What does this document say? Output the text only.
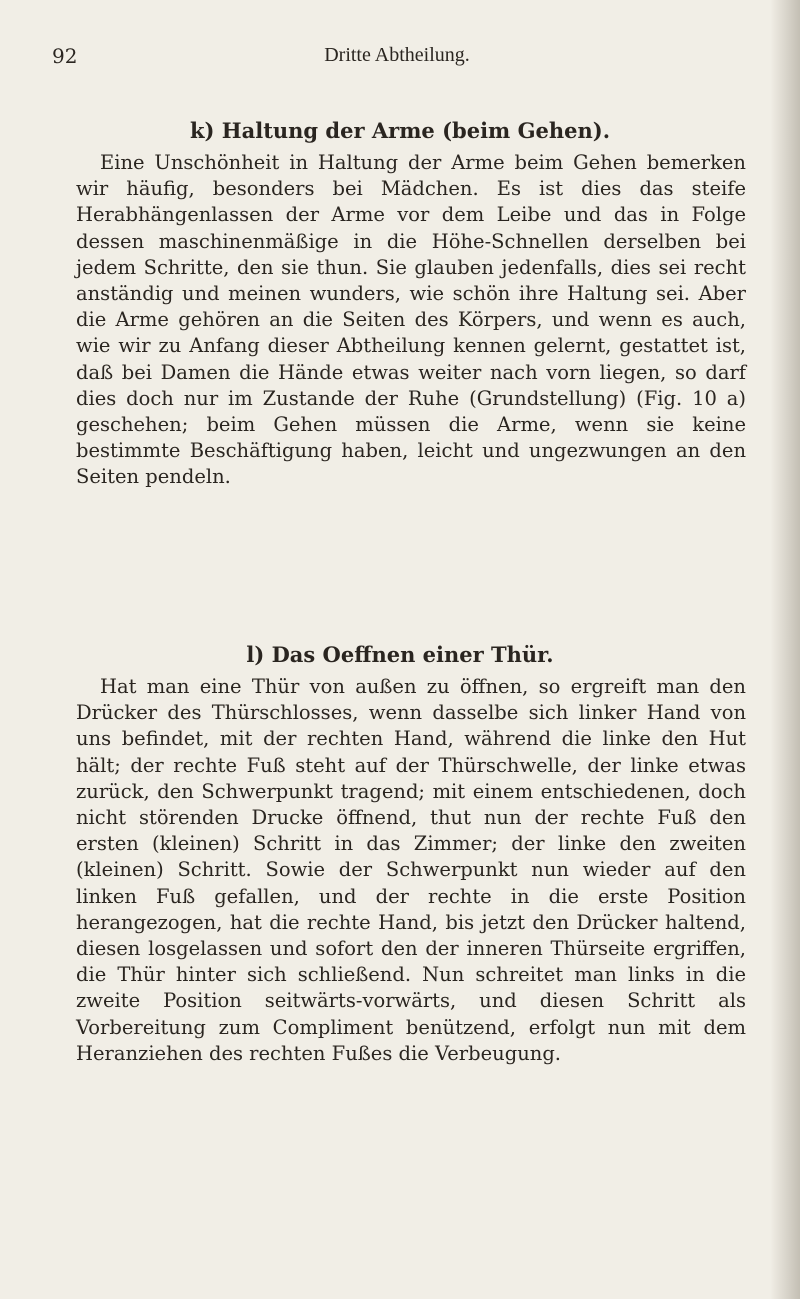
92	Dritte Abtheilung.
k) Haltung der Arme (beim Gehen).

Eine Unschönheit in Haltung der Arme beim Gehen bemerken wir häufig, besonders bei Mädchen. Es ist dies das steife Herabhängenlassen der Arme vor dem Leibe und das in Folge dessen maschinenmäßige in die Höhe-Schnellen derselben bei jedem Schritte, den sie thun. Sie glauben jedenfalls, dies sei recht anständig und meinen wunders, wie schön ihre Haltung sei. Aber die Arme gehören an die Seiten des Körpers, und wenn es auch, wie wir zu Anfang dieser Abtheilung kennen gelernt, gestattet ist, daß bei Damen die Hände etwas weiter nach vorn liegen, so darf dies doch nur im Zustande der Ruhe (Grundstellung) (Fig. 10 a) geschehen; beim Gehen müssen die Arme, wenn sie keine bestimmte Beschäftigung haben, leicht und ungezwungen an den Seiten pendeln.

l) Das Oeffnen einer Thür.

Hat man eine Thür von außen zu öffnen, so ergreift man den Drücker des Thürschlosses, wenn dasselbe sich linker Hand von uns befindet, mit der rechten Hand, während die linke den Hut hält; der rechte Fuß steht auf der Thürschwelle, der linke etwas zurück, den Schwerpunkt tragend; mit einem entschiedenen, doch nicht störenden Drucke öffnend, thut nun der rechte Fuß den ersten (kleinen) Schritt in das Zimmer; der linke den zweiten (kleinen) Schritt. Sowie der Schwerpunkt nun wieder auf den linken Fuß gefallen, und der rechte in die erste Position herangezogen, hat die rechte Hand, bis jetzt den Drücker haltend, diesen losgelassen und sofort den der inneren Thürseite ergriffen, die Thür hinter sich schließend. Nun schreitet man links in die zweite Position seitwärts-vorwärts, und diesen Schritt als Vorbereitung zum Compliment benützend, erfolgt nun mit dem Heranziehen des rechten Fußes die Verbeugung.
